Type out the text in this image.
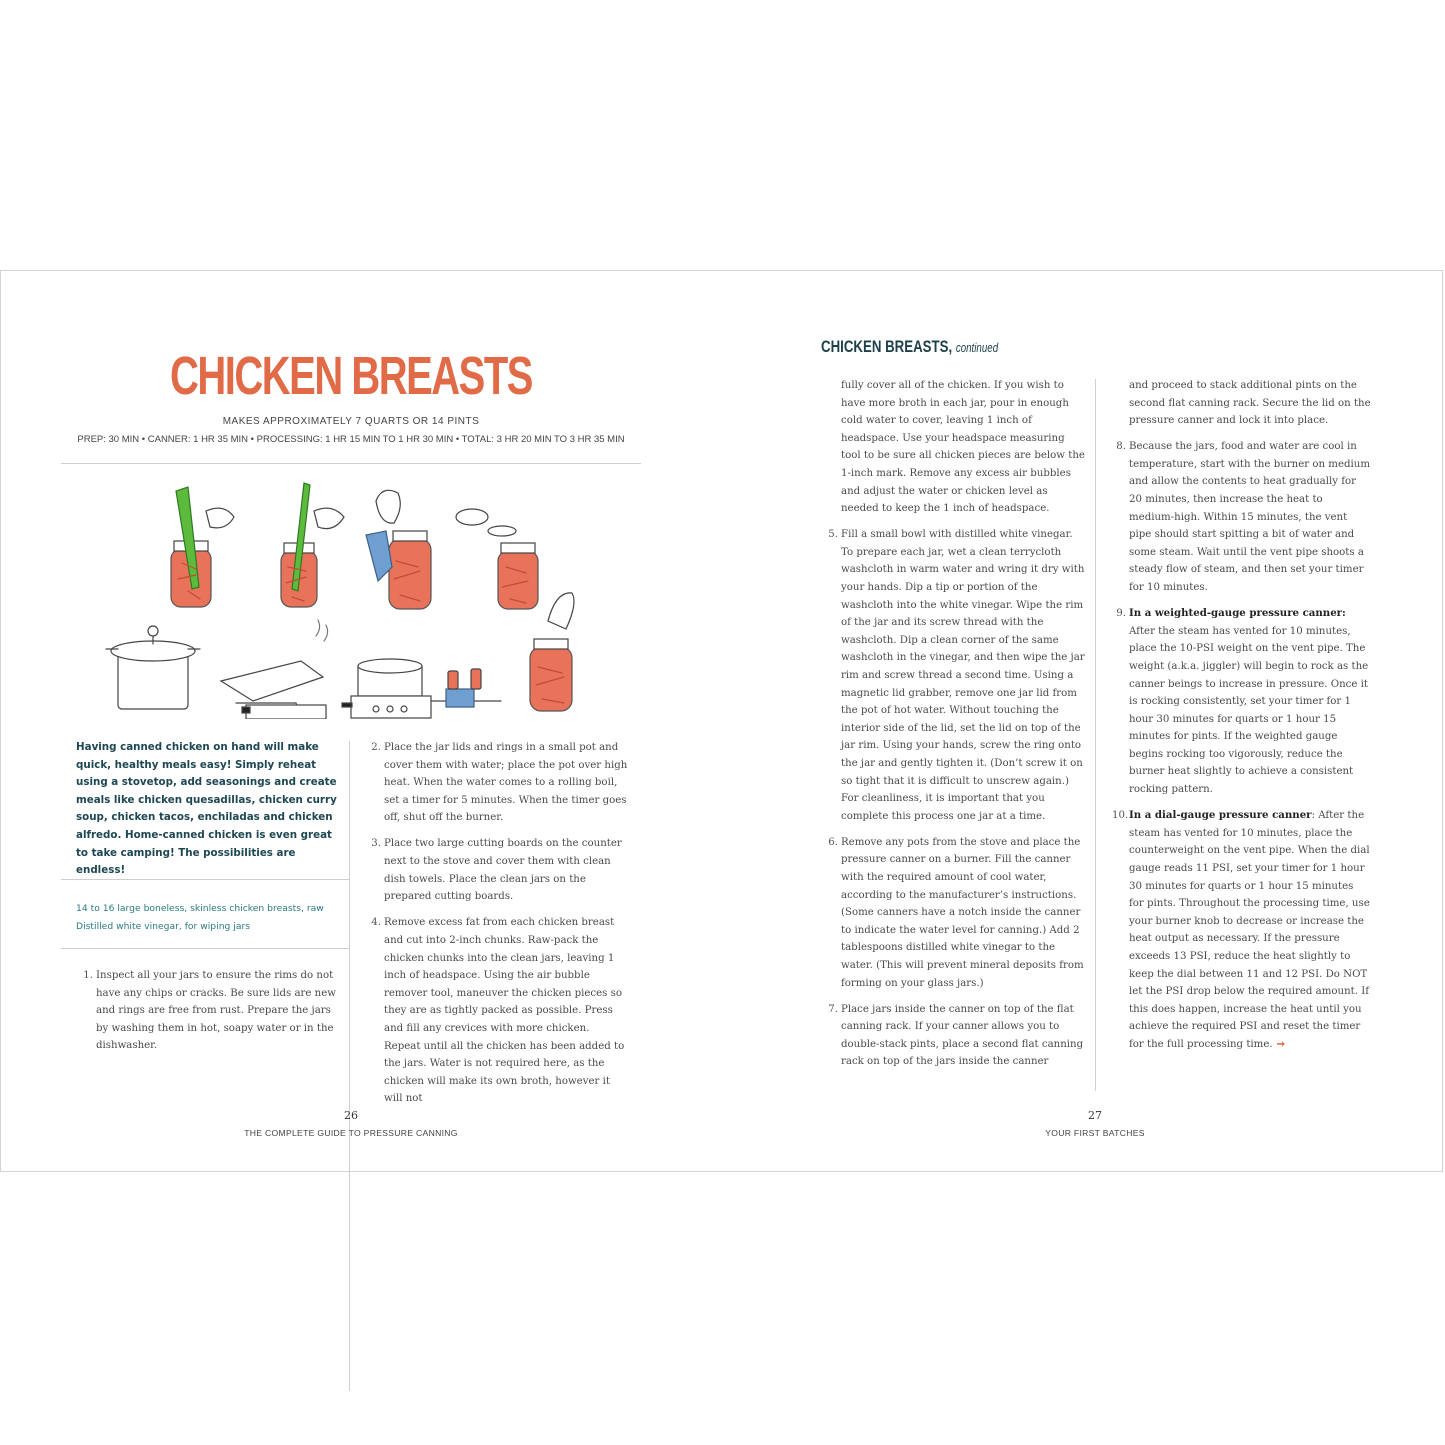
CHICKEN BREASTS
MAKES APPROXIMATELY 7 QUARTS OR 14 PINTS
PREP: 30 MIN • CANNER: 1 HR 35 MIN • PROCESSING: 1 HR 15 MIN TO 1 HR 30 MIN • TOTAL: 3 HR 20 MIN TO 3 HR 35 MIN
Having canned chicken on hand will make quick, healthy meals easy! Simply reheat using a stovetop, add seasonings and create meals like chicken quesadillas, chicken curry soup, chicken tacos, enchiladas and chicken alfredo. Home-canned chicken is even great to take camping! The possibilities are endless!
14 to 16 large boneless, skinless chicken breasts, raw
Distilled white vinegar, for wiping jars
1. Inspect all your jars to ensure the rims do not have any chips or cracks. Be sure lids are new and rings are free from rust. Prepare the jars by washing them in hot, soapy water or in the dishwasher.
2. Place the jar lids and rings in a small pot and cover them with water; place the pot over high heat. When the water comes to a rolling boil, set a timer for 5 minutes. When the timer goes off, shut off the burner.
3. Place two large cutting boards on the counter next to the stove and cover them with clean dish towels. Place the clean jars on the prepared cutting boards.
4. Remove excess fat from each chicken breast and cut into 2-inch chunks. Raw-pack the chicken chunks into the clean jars, leaving 1 inch of headspace. Using the air bubble remover tool, maneuver the chicken pieces so they are as tightly packed as possible. Press and fill any crevices with more chicken. Repeat until all the chicken has been added to the jars. Water is not required here, as the chicken will make its own broth, however it will not
26
THE COMPLETE GUIDE TO PRESSURE CANNING
CHICKEN BREASTS, continued
fully cover all of the chicken. If you wish to have more broth in each jar, pour in enough cold water to cover, leaving 1 inch of headspace. Use your headspace measuring tool to be sure all chicken pieces are below the 1-inch mark. Remove any excess air bubbles and adjust the water or chicken level as needed to keep the 1 inch of headspace.
5. Fill a small bowl with distilled white vinegar. To prepare each jar, wet a clean terrycloth washcloth in warm water and wring it dry with your hands. Dip a tip or portion of the washcloth into the white vinegar. Wipe the rim of the jar and its screw thread with the washcloth. Dip a clean corner of the same washcloth in the vinegar, and then wipe the jar rim and screw thread a second time. Using a magnetic lid grabber, remove one jar lid from the pot of hot water. Without touching the interior side of the lid, set the lid on top of the jar rim. Using your hands, screw the ring onto the jar and gently tighten it. (Don’t screw it on so tight that it is difficult to unscrew again.) For cleanliness, it is important that you complete this process one jar at a time.
6. Remove any pots from the stove and place the pressure canner on a burner. Fill the canner with the required amount of cool water, according to the manufacturer’s instructions. (Some canners have a notch inside the canner to indicate the water level for canning.) Add 2 tablespoons distilled white vinegar to the water. (This will prevent mineral deposits from forming on your glass jars.)
7. Place jars inside the canner on top of the flat canning rack. If your canner allows you to double-stack pints, place a second flat canning rack on top of the jars inside the canner
and proceed to stack additional pints on the second flat canning rack. Secure the lid on the pressure canner and lock it into place.
8. Because the jars, food and water are cool in temperature, start with the burner on medium and allow the contents to heat gradually for 20 minutes, then increase the heat to medium-high. Within 15 minutes, the vent pipe should start spitting a bit of water and some steam. Wait until the vent pipe shoots a steady flow of steam, and then set your timer for 10 minutes.
9. In a weighted-gauge pressure canner: After the steam has vented for 10 minutes, place the 10-PSI weight on the vent pipe. The weight (a.k.a. jiggler) will begin to rock as the canner beings to increase in pressure. Once it is rocking consistently, set your timer for 1 hour 30 minutes for quarts or 1 hour 15 minutes for pints. If the weighted gauge begins rocking too vigorously, reduce the burner heat slightly to achieve a consistent rocking pattern.
10. In a dial-gauge pressure canner: After the steam has vented for 10 minutes, place the counterweight on the vent pipe. When the dial gauge reads 11 PSI, set your timer for 1 hour 30 minutes for quarts or 1 hour 15 minutes for pints. Throughout the processing time, use your burner knob to decrease or increase the heat output as necessary. If the pressure exceeds 13 PSI, reduce the heat slightly to keep the dial between 11 and 12 PSI. Do NOT let the PSI drop below the required amount. If this does happen, increase the heat until you achieve the required PSI and reset the timer for the full processing time. ➞
27
YOUR FIRST BATCHES
